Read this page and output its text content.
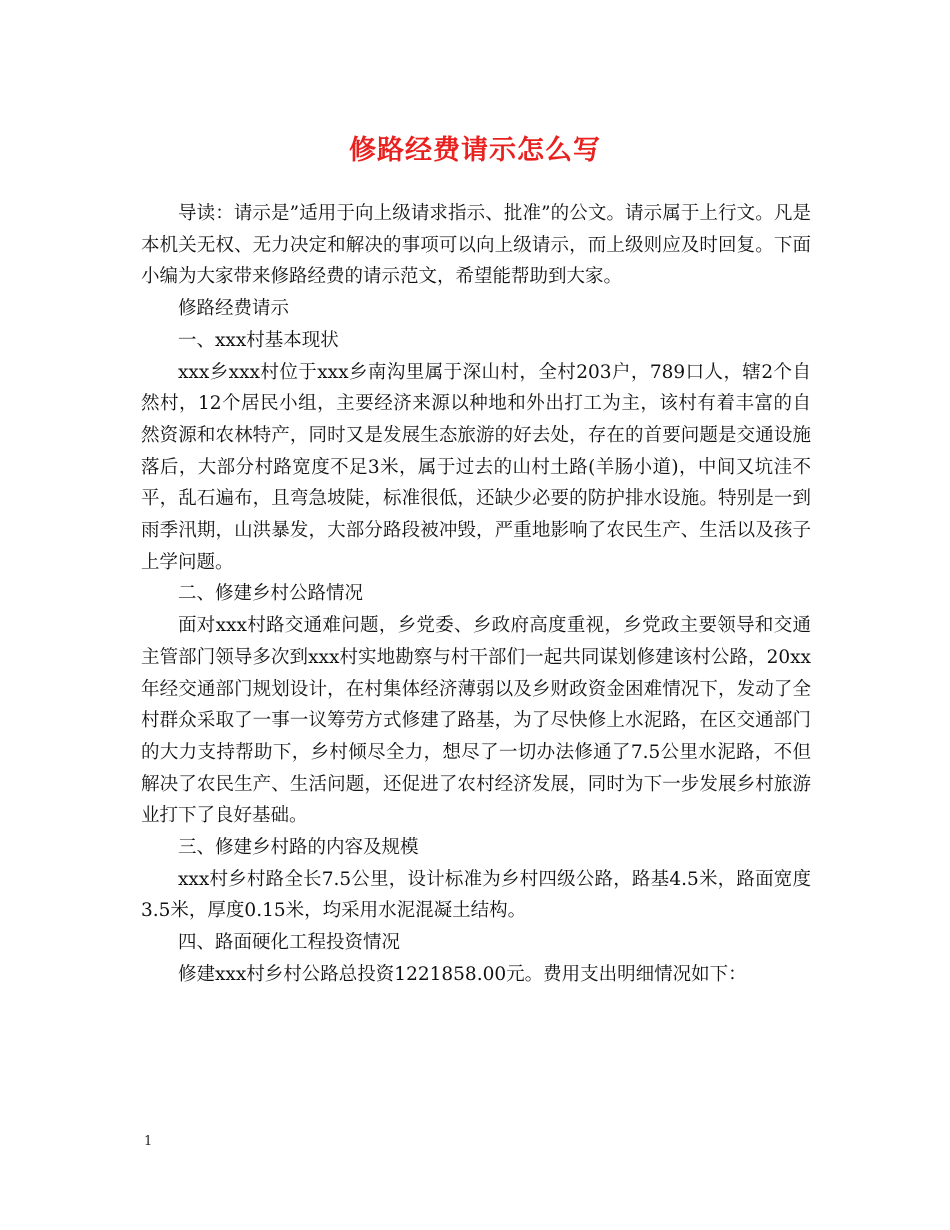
修路经费请示怎么写

导读：请示是”适用于向上级请求指示、批准”的公文。请示属于上行文。凡是本机关无权、无力决定和解决的事项可以向上级请示，而上级则应及时回复。下面小编为大家带来修路经费的请示范文，希望能帮助到大家。

修路经费请示

一、xxx村基本现状

xxx乡xxx村位于xxx乡南沟里属于深山村，全村203户，789口人，辖2个自然村，12个居民小组，主要经济来源以种地和外出打工为主，该村有着丰富的自然资源和农林特产，同时又是发展生态旅游的好去处，存在的首要问题是交通设施落后，大部分村路宽度不足3米，属于过去的山村土路(羊肠小道)，中间又坑洼不平，乱石遍布，且弯急坡陡，标准很低，还缺少必要的防护排水设施。特别是一到雨季汛期，山洪暴发，大部分路段被冲毁，严重地影响了农民生产、生活以及孩子上学问题。

二、修建乡村公路情况

面对xxx村路交通难问题，乡党委、乡政府高度重视，乡党政主要领导和交通主管部门领导多次到xxx村实地勘察与村干部们一起共同谋划修建该村公路，20xx年经交通部门规划设计，在村集体经济薄弱以及乡财政资金困难情况下，发动了全村群众采取了一事一议筹劳方式修建了路基，为了尽快修上水泥路，在区交通部门的大力支持帮助下，乡村倾尽全力，想尽了一切办法修通了7.5公里水泥路，不但解决了农民生产、生活问题，还促进了农村经济发展，同时为下一步发展乡村旅游业打下了良好基础。

三、修建乡村路的内容及规模

xxx村乡村路全长7.5公里，设计标准为乡村四级公路，路基4.5米，路面宽度3.5米，厚度0.15米，均采用水泥混凝土结构。

四、路面硬化工程投资情况

修建xxx村乡村公路总投资1221858.00元。费用支出明细情况如下：

1
